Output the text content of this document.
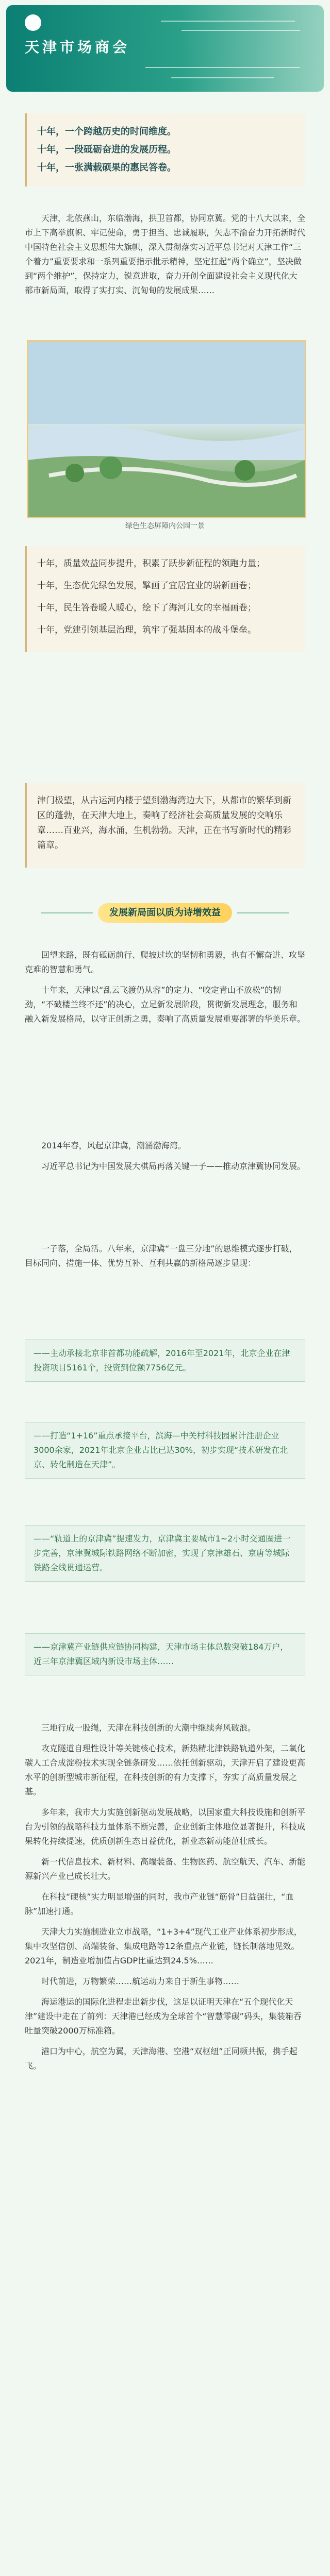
天津市场商会

十年，一个跨越历史的时间维度。

十年，一段砥砺奋进的发展历程。

十年，一张满载硕果的惠民答卷。

天津，北依燕山，东临渤海，拱卫首都，协同京冀。党的十八大以来，全市上下高举旗帜、牢记使命，勇于担当、忠诚履职，矢志不渝奋力开拓新时代中国特色社会主义思想伟大旗帜，深入贯彻落实习近平总书记对天津工作“三个着力”重要要求和一系列重要指示批示精神，坚定扛起“两个确立”，坚决做到“两个维护”，保持定力，锐意进取，奋力开创全面建设社会主义现代化大都市新局面，取得了实打实、沉甸甸的发展成果……

绿色生态屏障内公园一景

十年，质量效益同步提升，积累了跃步新征程的领跑力量；

十年，生态优先绿色发展，擘画了宜居宜业的崭新画卷；

十年，民生答卷暖人暖心，绘下了海河儿女的幸福画卷；

十年，党建引领基层治理，筑牢了强基固本的战斗堡垒。

津门极望，从古运河内楼于望到渤海湾边大下，从都市的繁华到新区的蓬勃，在天津大地上，奏响了经济社会高质量发展的交响乐章……百业兴，海水涌，生机勃勃。天津，正在书写新时代的精彩篇章。

发展新局面以质为诗增效益

回望来路，既有砥砺前行、爬坡过坎的坚韧和勇毅，也有不懈奋进、攻坚克难的智慧和勇气。

十年来，天津以“乱云飞渡仍从容”的定力、“咬定青山不放松”的韧劲，“不破楼兰终不还”的决心，立足新发展阶段，贯彻新发展理念，服务和融入新发展格局，以守正创新之勇，奏响了高质量发展重要部署的华美乐章。

2014年春，风起京津冀，潮涌渤海湾。

习近平总书记为中国发展大棋局再落关键一子——推动京津冀协同发展。

一子落，全局活。八年来，京津冀“一盘三分地”的思维模式逐步打破，目标同向、措施一体、优势互补、互利共赢的新格局逐步显现：

——主动承接北京非首都功能疏解，2016年至2021年，北京企业在津投资项目5161个，投资到位额7756亿元。

——打造“1+16”重点承接平台，滨海—中关村科技园累计注册企业3000余家，2021年北京企业占比已达30%，初步实现“技术研发在北京、转化制造在天津”。

——“轨道上的京津冀”提速发力，京津冀主要城市1~2小时交通圈进一步完善，京津冀城际铁路网络不断加密，实现了京津雄石、京唐等城际铁路全线贯通运营。

——京津冀产业链供应链协同构建，天津市场主体总数突破184万户，近三年京津冀区域内新设市场主体……

三地行成一股绳，天津在科技创新的大潮中继续奔风破浪。

攻克隧道自理性设计等关键核心技术，新热精北津铁路轨道外架，二氧化碳人工合成淀粉技术实现全链条研发……依托创新驱动，天津开启了建设更高水平的创新型城市新征程，在科技创新的有力支撑下，夯实了高质量发展之基。

多年来，我市大力实施创新驱动发展战略，以国家重大科技设施和创新平台为引领的战略科技力量体系不断完善，企业创新主体地位显著提升，科技成果转化持续提速，优质创新生态日益优化，新业态新动能茁壮成长。

新一代信息技术、新材料、高端装备、生物医药、航空航天、汽车、新能源新兴产业已成长壮大。

在科技“硬核”实力明显增强的同时，我市产业链“筋骨”日益强壮，“血脉”加速打通。

天津大力实施制造业立市战略，“1+3+4”现代工业产业体系初步形成，集中攻坚信创、高端装备、集成电路等12条重点产业链，链长制落地见效。2021年，制造业增加值占GDP比重达到24.5%……

时代前进，万物繁荣……航运动力来自于新生事物……

海运港运的国际化进程走出新步伐，这足以证明天津在“五个现代化天津”建设中走在了前列：天津港已经成为全球首个“智慧零碳”码头，集装箱吞吐量突破2000万标准箱。

港口为中心，航空为翼，天津海港、空港“双枢纽”正同频共振，携手起飞。
